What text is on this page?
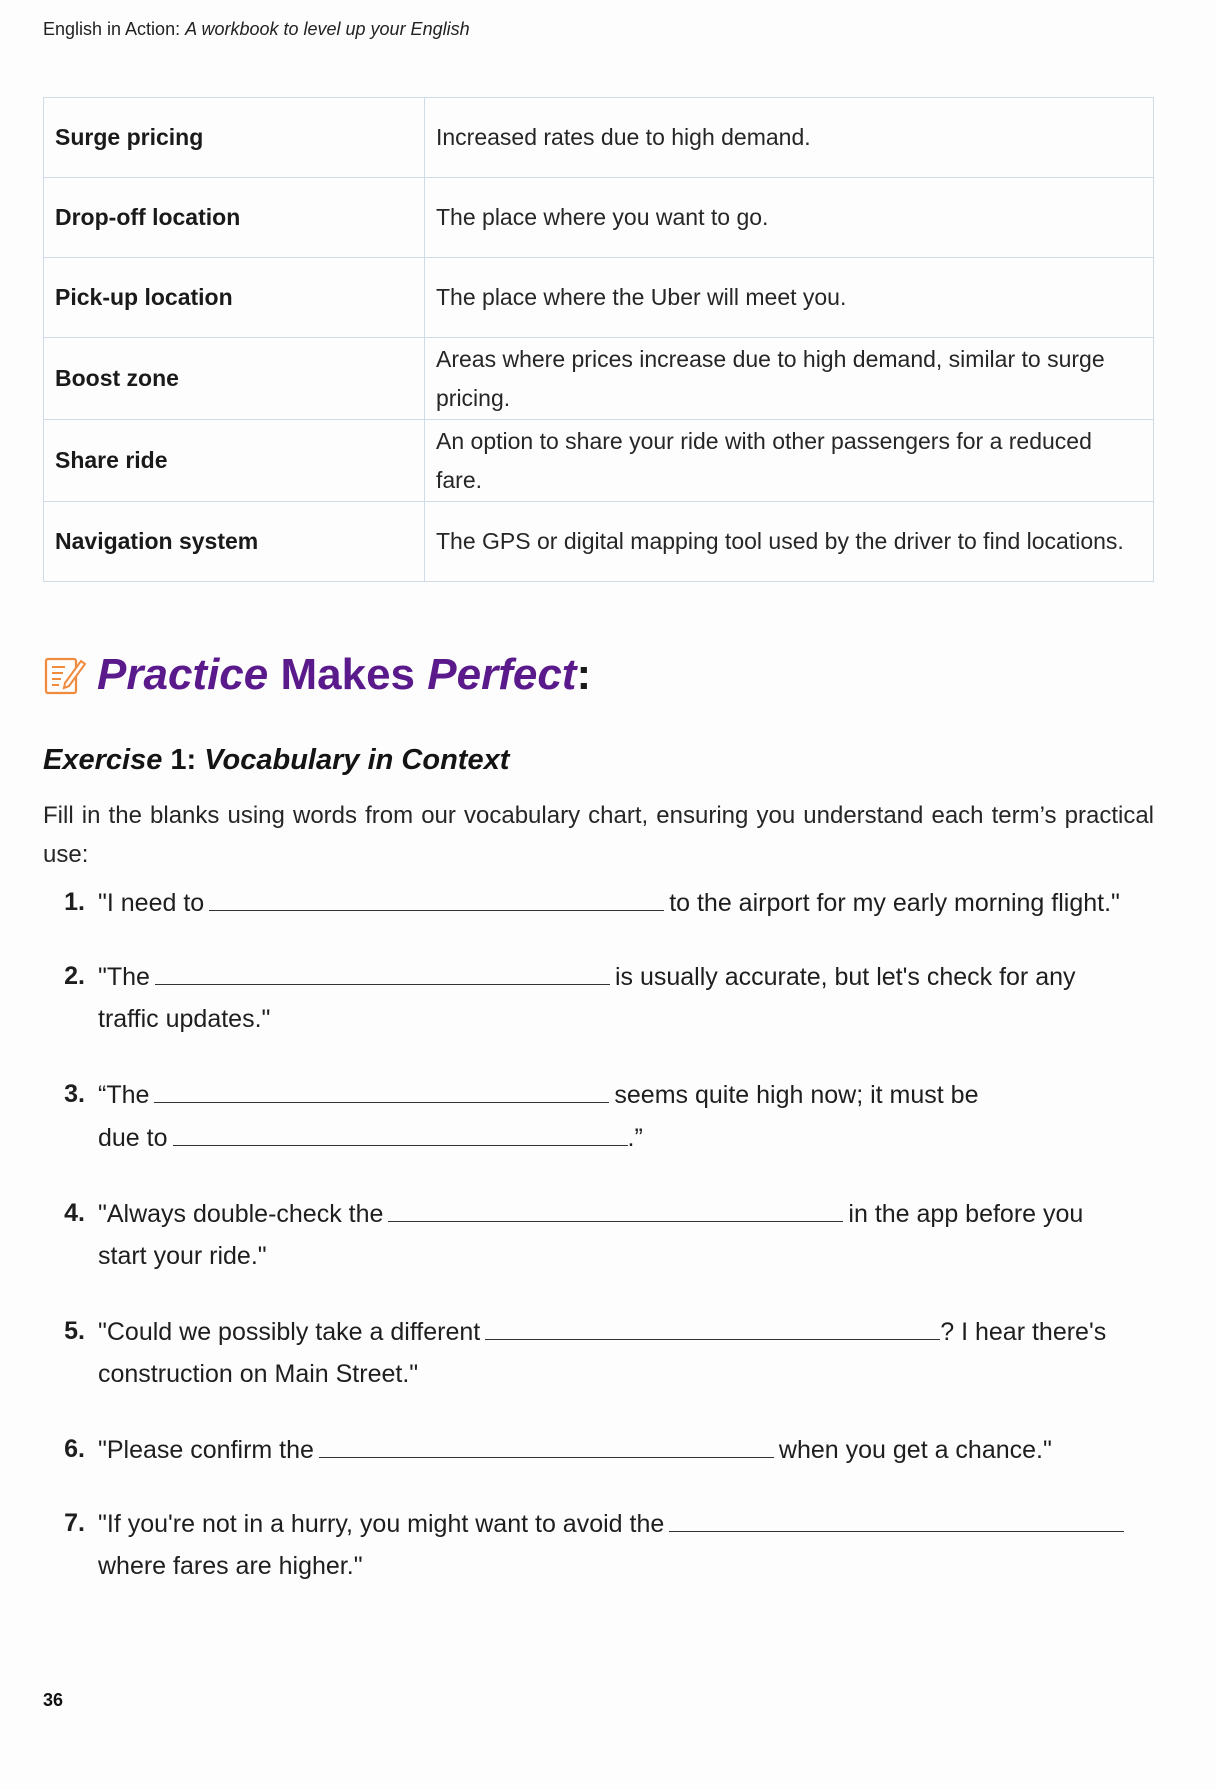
English in Action: A workbook to level up your English
Surge pricing	Increased rates due to high demand.
Drop-off location	The place where you want to go.
Pick-up location	The place where the Uber will meet you.
Boost zone	Areas where prices increase due to high demand, similar to surge pricing.
Share ride	An option to share your ride with other passengers for a reduced fare.
Navigation system	The GPS or digital mapping tool used by the driver to find locations.
Practice Makes Perfect:
Exercise 1: Vocabulary in Context
Fill in the blanks using words from our vocabulary chart, ensuring you understand each term’s practical use:
1. "I need to	to the airport for my early morning flight."
2. "The	is usually accurate, but let's check for any
traffic updates."
3. “The	seems quite high now; it must be
due to	.”
4. "Always double-check the	in the app before you
start your ride."
5. "Could we possibly take a different	? I hear there's
construction on Main Street."
6. "Please confirm the	when you get a chance."
7. "If you're not in a hurry, you might want to avoid the
where fares are higher."
36
